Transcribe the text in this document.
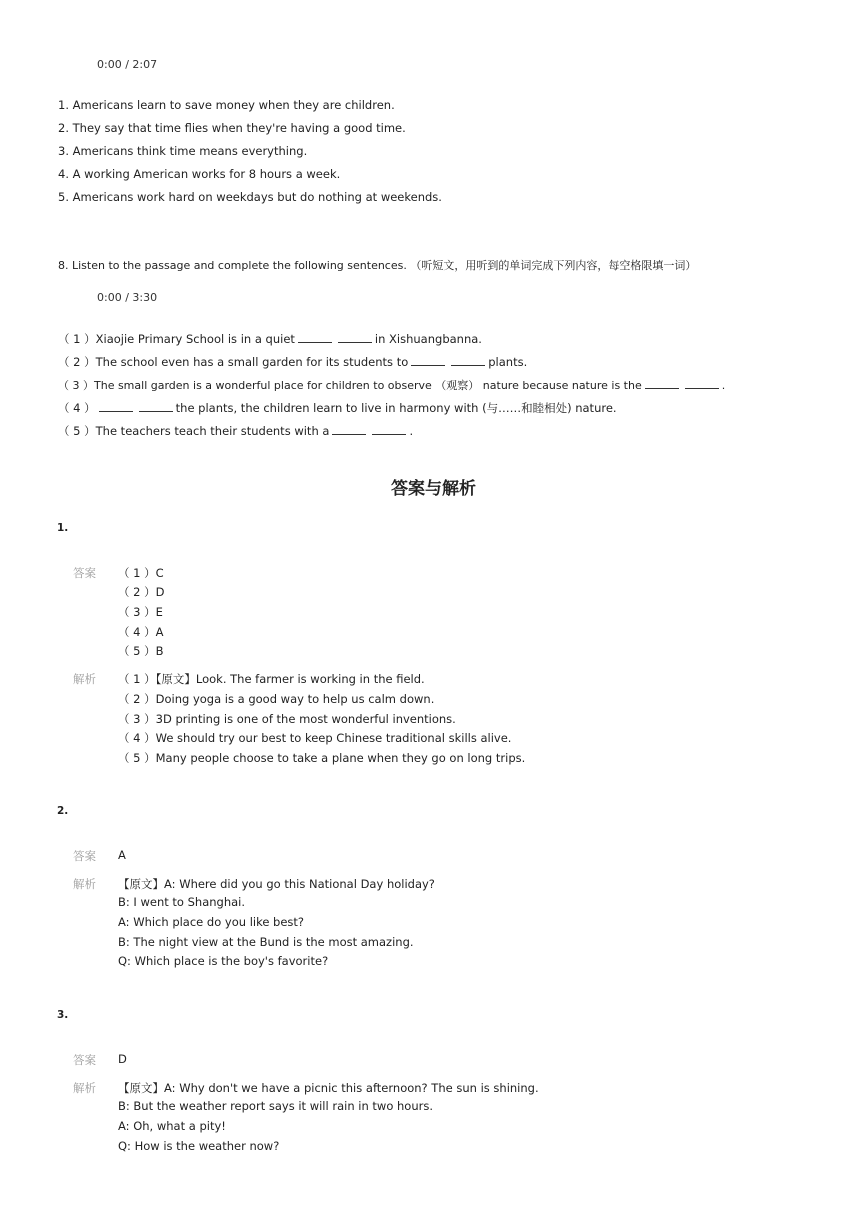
0:00 / 2:07
1. Americans learn to save money when they are children.
2. They say that time flies when they're having a good time.
3. Americans think time means everything.
4. A working American works for 8 hours a week.
5. Americans work hard on weekdays but do nothing at weekends.
8. Listen to the passage and complete the following sentences. （听短文，用听到的单词完成下列内容，每空格限填一词）
0:00 / 3:30
（ 1 ）Xiaojie Primary School is in a quiet	in Xishuangbanna.
（ 2 ）The school even has a small garden for its students to	plants.
（ 3 ）The small garden is a wonderful place for children to observe （观察） nature because nature is the	.
（ 4 ）	the plants, the children learn to live in harmony with (与……和睦相处) nature.
（ 5 ）The teachers teach their students with a	.
答案与解析
1.
答案 （ 1 ）C
（ 2 ）D
（ 3 ）E
（ 4 ）A
（ 5 ）B
解析 （ 1 ）【原文】Look. The farmer is working in the field.
（ 2 ）Doing yoga is a good way to help us calm down.
（ 3 ）3D printing is one of the most wonderful inventions.
（ 4 ）We should try our best to keep Chinese traditional skills alive.
（ 5 ）Many people choose to take a plane when they go on long trips.
2.
答案 A
解析 【原文】A: Where did you go this National Day holiday?
B: I went to Shanghai.
A: Which place do you like best?
B: The night view at the Bund is the most amazing.
Q: Which place is the boy's favorite?
3.
答案 D
解析 【原文】A: Why don't we have a picnic this afternoon? The sun is shining.
B: But the weather report says it will rain in two hours.
A: Oh, what a pity!
Q: How is the weather now?
